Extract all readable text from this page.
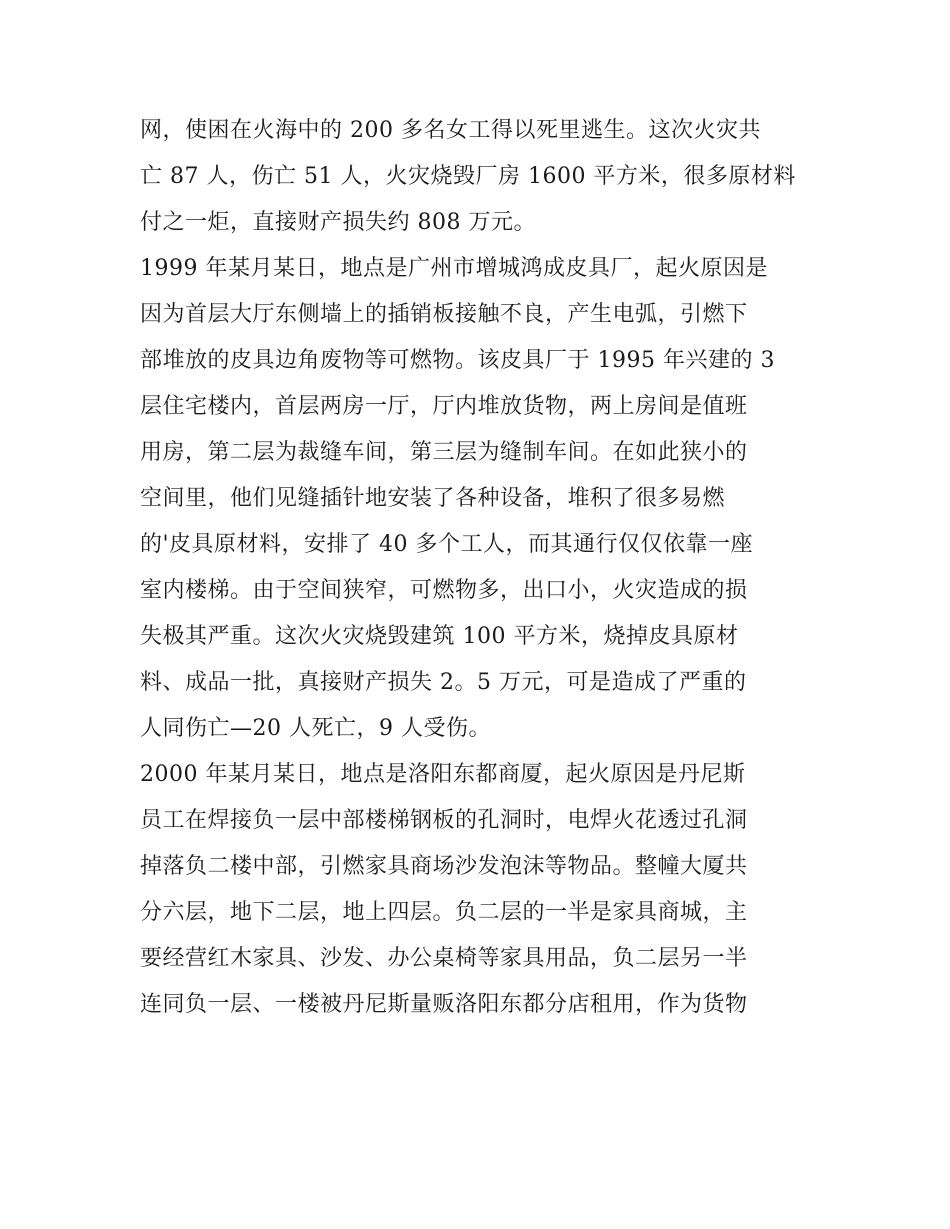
网，使困在火海中的 200 多名女工得以死里逃生。这次火灾共
亡 87 人，伤亡 51 人，火灾烧毁厂房 1600 平方米，很多原材料
付之一炬，直接财产损失约 808 万元。
1999 年某月某日，地点是广州市增城鸿成皮具厂，起火原因是
因为首层大厅东侧墙上的插销板接触不良，产生电弧，引燃下
部堆放的皮具边角废物等可燃物。该皮具厂于 1995 年兴建的 3
层住宅楼内，首层两房一厅，厅内堆放货物，两上房间是值班
用房，第二层为裁缝车间，第三层为缝制车间。在如此狭小的
空间里，他们见缝插针地安装了各种设备，堆积了很多易燃
的'皮具原材料，安排了 40 多个工人，而其通行仅仅依靠一座
室内楼梯。由于空间狭窄，可燃物多，出口小，火灾造成的损
失极其严重。这次火灾烧毁建筑 100 平方米，烧掉皮具原材
料、成品一批，真接财产损失 2。5 万元，可是造成了严重的
人同伤亡—20 人死亡，9 人受伤。
2000 年某月某日，地点是洛阳东都商厦，起火原因是丹尼斯
员工在焊接负一层中部楼梯钢板的孔洞时，电焊火花透过孔洞
掉落负二楼中部，引燃家具商场沙发泡沫等物品。整幢大厦共
分六层，地下二层，地上四层。负二层的一半是家具商城，主
要经营红木家具、沙发、办公桌椅等家具用品，负二层另一半
连同负一层、一楼被丹尼斯量贩洛阳东都分店租用，作为货物
